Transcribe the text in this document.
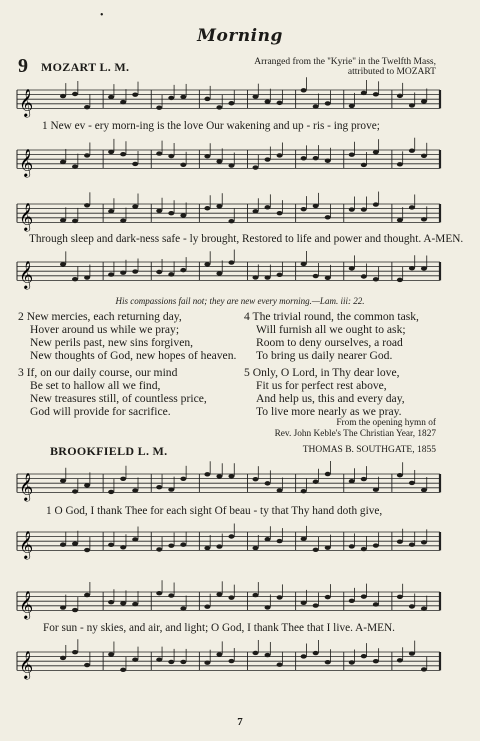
•
Morning
9 MOZART L. M.	Arranged from the ''Kyrie'' in the Twelfth Mass,
attributed to MOZART
𝄞
𝄞
𝄞
𝄞
𝄞
𝄞
𝄞
𝄞
1 New ev - ery morn-ing is the love Our wakening and up - ris - ing prove;
Through sleep and dark-ness safe - ly brought, Restored to life and power and thought. A-MEN.
His compassions fail not; they are new every morning.—Lam. iii: 22.
2 New mercies, each returning day,
Hover around us while we pray;
New perils past, new sins forgiven,
New thoughts of God, new hopes of heaven.
3 If, on our daily course, our mind
Be set to hallow all we find,
New treasures still, of countless price,
God will provide for sacrifice.
4 The trivial round, the common task,
Will furnish all we ought to ask;
Room to deny ourselves, a road
To bring us daily nearer God.
5 Only, O Lord, in Thy dear love,
Fit us for perfect rest above,
And help us, this and every day,
To live more nearly as we pray.
From the opening hymn of
Rev. John Keble's The Christian Year, 1827
BROOKFIELD L. M.	THOMAS B. SOUTHGATE, 1855
1 O God, I thank Thee for each sight Of beau - ty that Thy hand doth give,
For sun - ny skies, and air, and light; O God, I thank Thee that I live. A-MEN.
7
